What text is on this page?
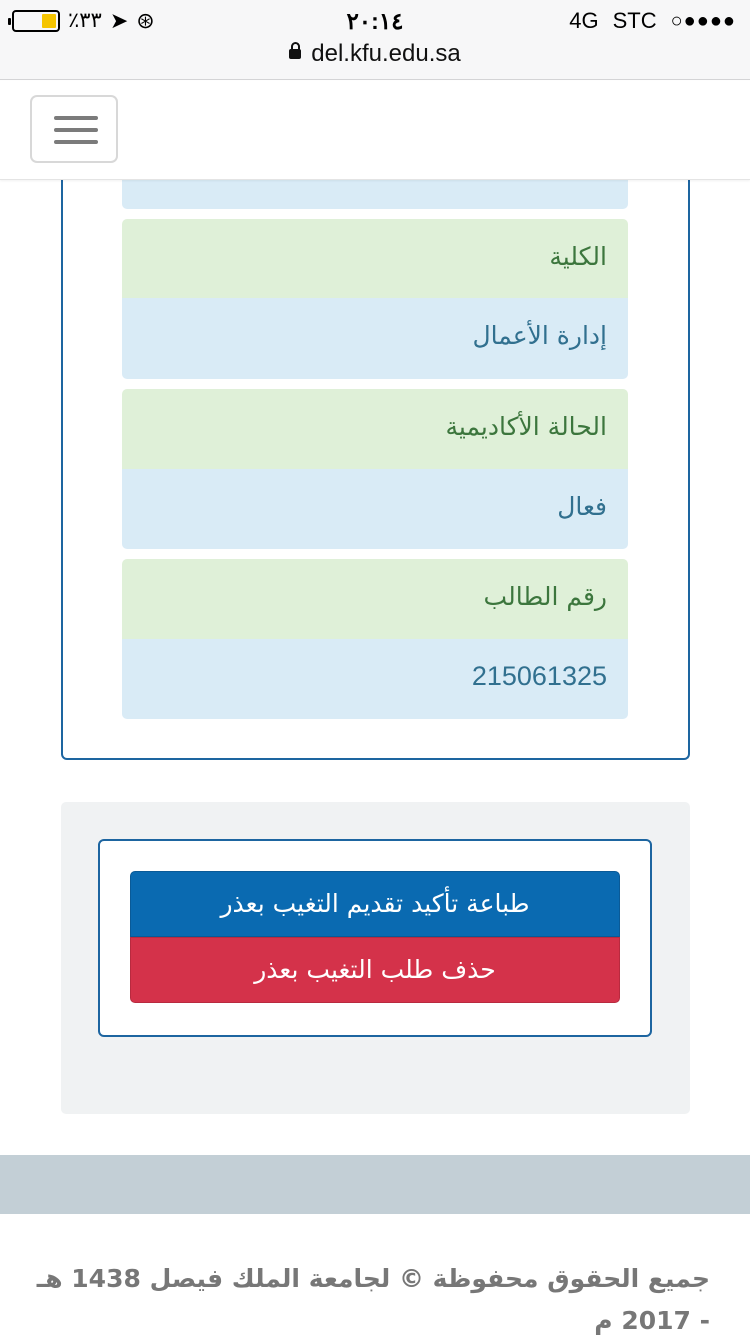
٪٣٣ ➤ ⊛	٢٠:١٤	4G STC ○●●●●
del.kfu.edu.sa
الكلية
إدارة الأعمال
الحالة الأكاديمية
فعال
رقم الطالب
215061325
طباعة تأكيد تقديم التغيب بعذر
حذف طلب التغيب بعذر
جميع الحقوق محفوظة © لجامعة الملك فيصل 1438 هـ - 2017 م
